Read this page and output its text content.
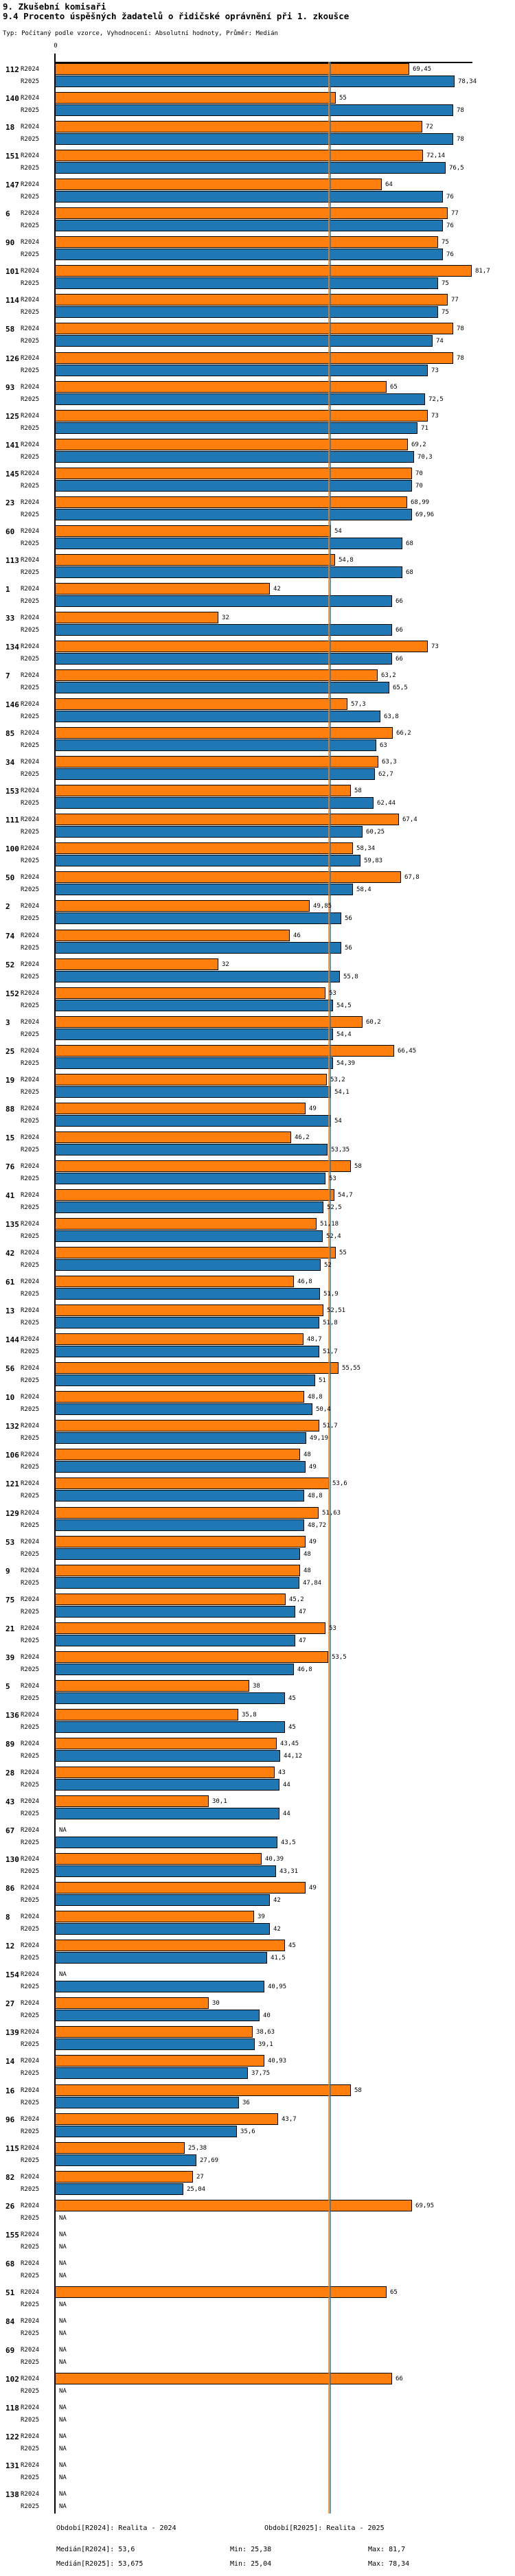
9. Zkušební komisaři
9.4 Procento úspěšných žadatelů o řidičské oprávnění při 1. zkoušce
Typ: Počítaný podle vzorce, Vyhodnocení: Absolutní hodnoty, Průměr: Medián
0
112 R2024	69,45
R2025	78,34
140 R2024	55
R2025	78
18 R2024	72
R2025	78
151 R2024	72,14
R2025	76,5
147 R2024	64
R2025	76
6 R2024	77
R2025	76
90 R2024	75
R2025	76
101 R2024	81,7
R2025	75
114 R2024	77
R2025	75
58 R2024	78
R2025	74
126 R2024	78
R2025	73
93 R2024	65
R2025	72,5
125 R2024	73
R2025	71
141 R2024	69,2
R2025	70,3
145 R2024	70
R2025	70
23 R2024	68,99
R2025	69,96
60 R2024	54
R2025	68
113 R2024	54,8
R2025	68
1 R2024	42
R2025	66
33 R2024	32
R2025	66
134 R2024	73
R2025	66
7 R2024	63,2
R2025	65,5
146 R2024	57,3
R2025	63,8
85 R2024	66,2
R2025	63
34 R2024	63,3
R2025	62,7
153 R2024	58
R2025	62,44
111 R2024	67,4
R2025	60,25
100 R2024	58,34
R2025	59,83
50 R2024	67,8
R2025	58,4
2 R2024	49,85
R2025	56
74 R2024	46
R2025	56
52 R2024	32
R2025	55,8
152 R2024	53
R2025	54,5
3 R2024	60,2
R2025	54,4
25 R2024	66,45
R2025	54,39
19 R2024	53,2
R2025	54,1
88 R2024	49
R2025	54
15 R2024	46,2
R2025	53,35
76 R2024	58
R2025	53
41 R2024	54,7
R2025	52,5
135 R2024	51,18
R2025	52,4
42 R2024	55
R2025	52
61 R2024	46,8
R2025	51,9
13 R2024	52,51
R2025	51,8
144 R2024	48,7
R2025	51,7
56 R2024	55,55
R2025	51
10 R2024	48,8
R2025	50,4
132 R2024	51,7
R2025	49,19
106 R2024	48
R2025	49
121 R2024	53,6
R2025	48,8
129 R2024	51,63
R2025	48,72
53 R2024	49
R2025	48
9 R2024	48
R2025	47,84
75 R2024	45,2
R2025	47
21 R2024	53
R2025	47
39 R2024	53,5
R2025	46,8
5 R2024	38
R2025	45
136 R2024	35,8
R2025	45
89 R2024	43,45
R2025	44,12
28 R2024	43
R2025	44
43 R2024	30,1
R2025	44
67 R2024	NA
R2025	43,5
130 R2024	40,39
R2025	43,31
86 R2024	49
R2025	42
8 R2024	39
R2025	42
12 R2024	45
R2025	41,5
154 R2024	NA
R2025	40,95
27 R2024	30
R2025	40
139 R2024	38,63
R2025	39,1
14 R2024	40,93
R2025	37,75
16 R2024	58
R2025	36
96 R2024	43,7
R2025	35,6
115 R2024	25,38
R2025	27,69
82 R2024	27
R2025	25,04
26 R2024	69,95
R2025	NA
155 R2024	NA
R2025	NA
68 R2024	NA
R2025	NA
51 R2024	65
R2025	NA
84 R2024	NA
R2025	NA
69 R2024	NA
R2025	NA
102 R2024	66
R2025	NA
118 R2024	NA
R2025	NA
122 R2024	NA
R2025	NA
131 R2024	NA
R2025	NA
138 R2024	NA
R2025	NA
Období[R2024]: Realita - 2024	Období[R2025]: Realita - 2025
Medián[R2024]: 53,6	Min: 25,38	Max: 81,7
Medián[R2025]: 53,675	Min: 25,04	Max: 78,34
